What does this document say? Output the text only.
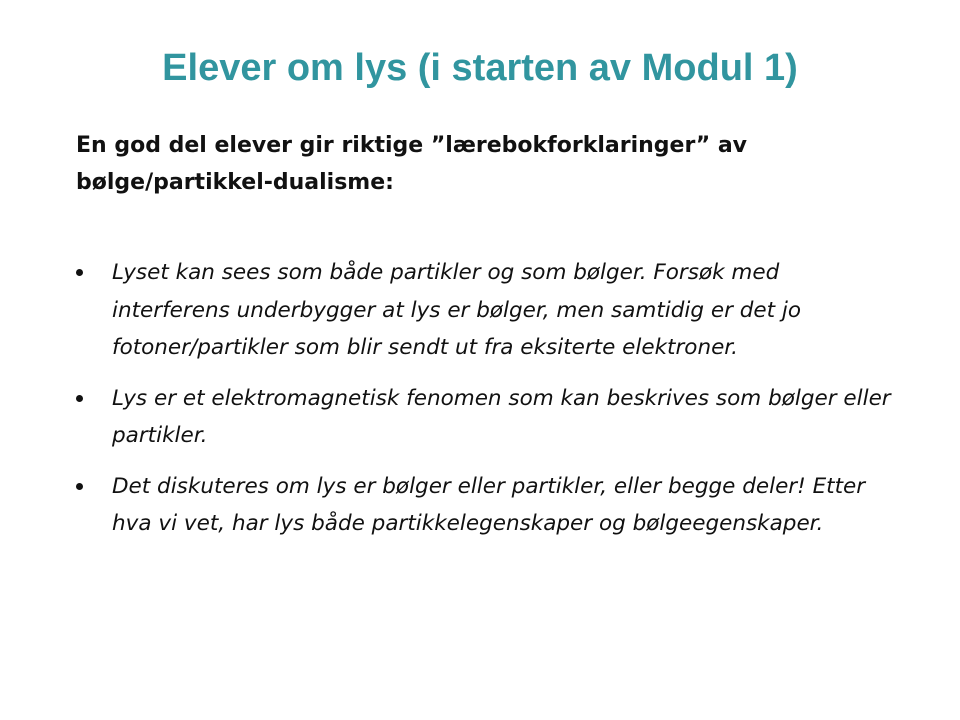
Elever om lys (i starten av Modul 1)

En god del elever gir riktige ”lærebokforklaringer” av bølge/partikkel-dualisme:

Lyset kan sees som både partikler og som bølger. Forsøk med interferens underbygger at lys er bølger, men samtidig er det jo fotoner/partikler som blir sendt ut fra eksiterte elektroner.
Lys er et elektromagnetisk fenomen som kan beskrives som bølger eller partikler.
Det diskuteres om lys er bølger eller partikler, eller begge deler! Etter hva vi vet, har lys både partikkelegenskaper og bølgeegenskaper.
